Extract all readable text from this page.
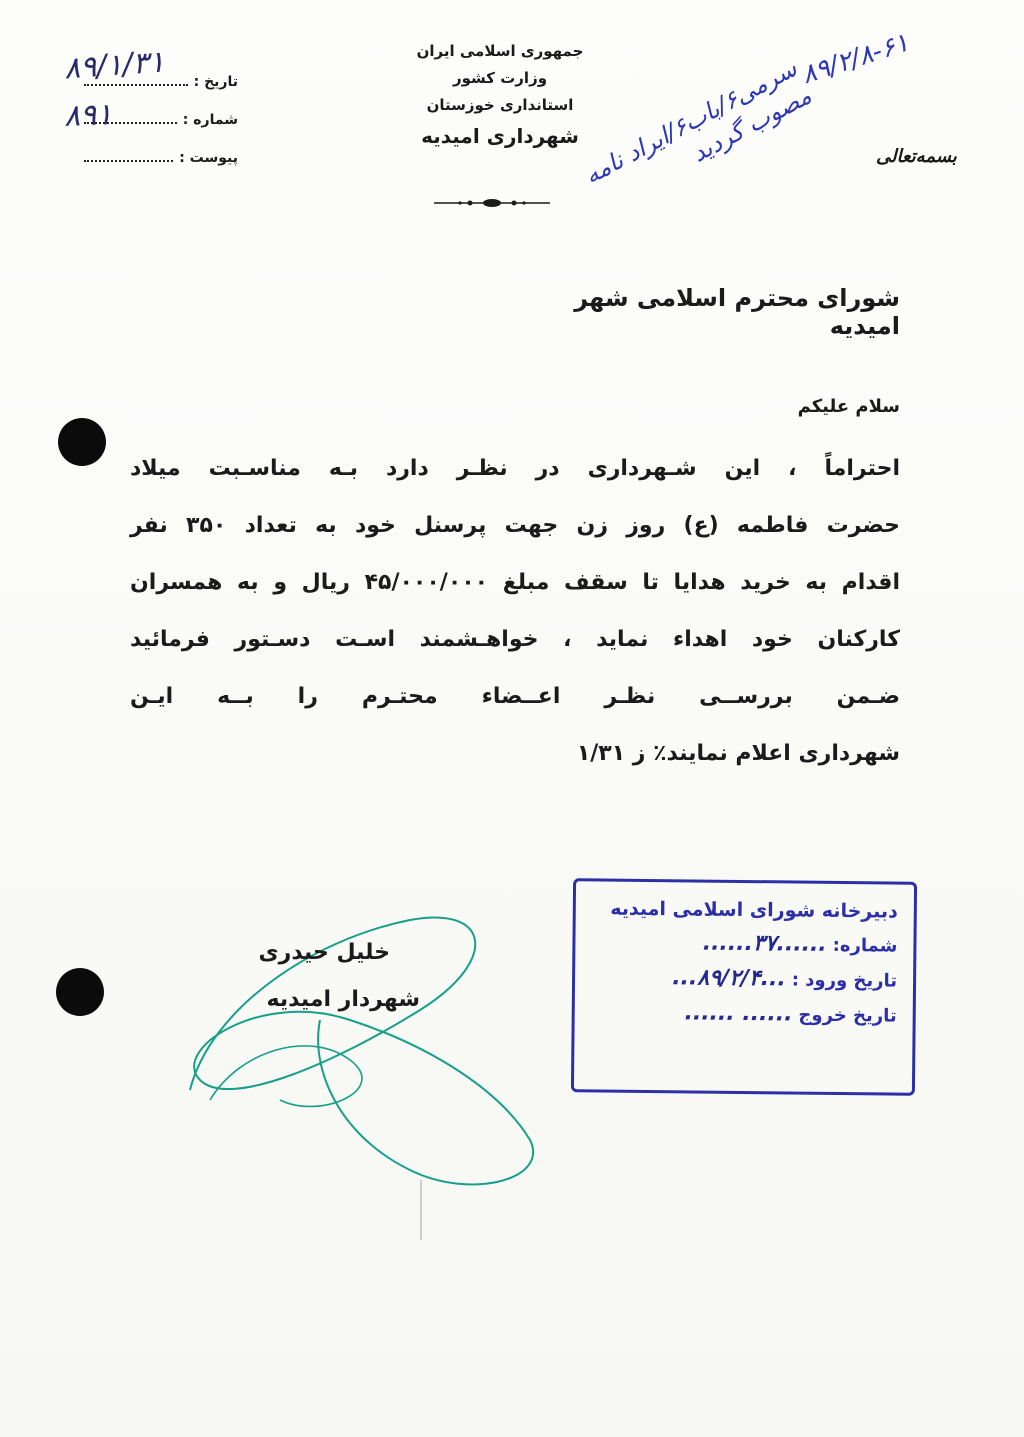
جمهوری اسلامی ایران
وزارت کشور
استانداری خوزستان
شهرداری امیدیه
تاریخ :
شماره :
پیوست :
۸۹/۱/۳۱
۸۹۱
۸۹/۲/۸-۶۱
سرمی۶/باب۶/ایراد نامه مصوب گردید	بسمه‌تعالی
شورای محترم اسلامی شهر امیدیه
سلام علیکم
احتراماً ، این شـهرداری در نظـر دارد بـه مناسـبت میلاد
حضرت فاطمه (ع) روز زن جهت پرسنل خود به تعداد ۳۵۰ نفر
اقدام به خرید هدایا تا سقف مبلغ ۴۵/۰۰۰/۰۰۰ ریال و به همسران
کارکنان خود اهداء نماید ، خواهـشمند اسـت دسـتور فرمائید
ضـمن بررســی نظـر اعــضاء محتـرم را بــه ایـن
شهرداری اعلام نمایند٪ ز ۱/۳۱
خلیل حیدری
شهردار امیدیه
دبیرخانه شورای اسلامی امیدیه
شماره:
......۳۷......
تاریخ ورود :
...۸۹/۲/۴...
تاریخ خروج
...... ......
